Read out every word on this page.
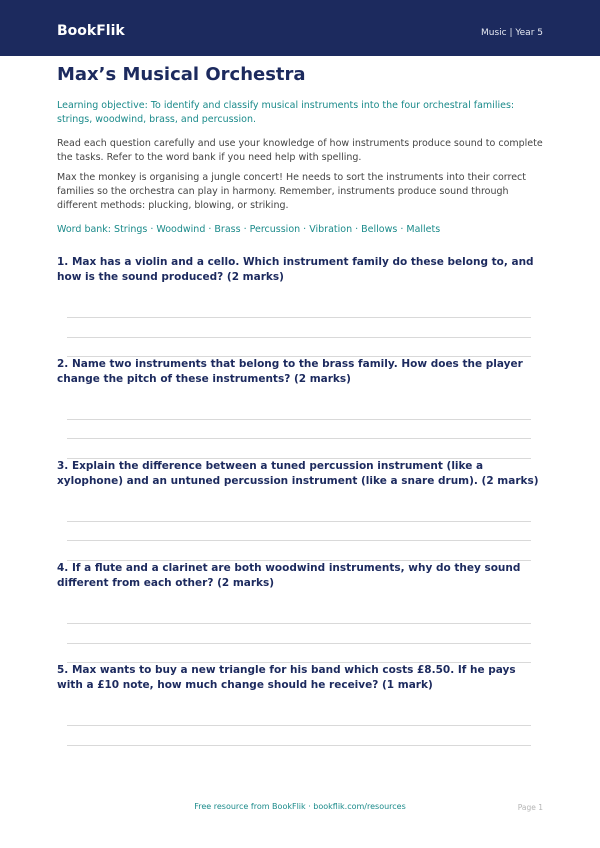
BookFlik	Music | Year 5
Max’s Musical Orchestra
Learning objective: To identify and classify musical instruments into the four orchestral families: strings, woodwind, brass, and percussion.
Read each question carefully and use your knowledge of how instruments produce sound to complete the tasks. Refer to the word bank if you need help with spelling.
Max the monkey is organising a jungle concert! He needs to sort the instruments into their correct families so the orchestra can play in harmony. Remember, instruments produce sound through different methods: plucking, blowing, or striking.
Word bank: Strings · Woodwind · Brass · Percussion · Vibration · Bellows · Mallets
1. Max has a violin and a cello. Which instrument family do these belong to, and how is the sound produced? (2 marks)
2. Name two instruments that belong to the brass family. How does the player change the pitch of these instruments? (2 marks)
3. Explain the difference between a tuned percussion instrument (like a xylophone) and an untuned percussion instrument (like a snare drum). (2 marks)
4. If a flute and a clarinet are both woodwind instruments, why do they sound different from each other? (2 marks)
5. Max wants to buy a new triangle for his band which costs £8.50. If he pays with a £10 note, how much change should he receive? (1 mark)
Free resource from BookFlik · bookflik.com/resources	Page 1
